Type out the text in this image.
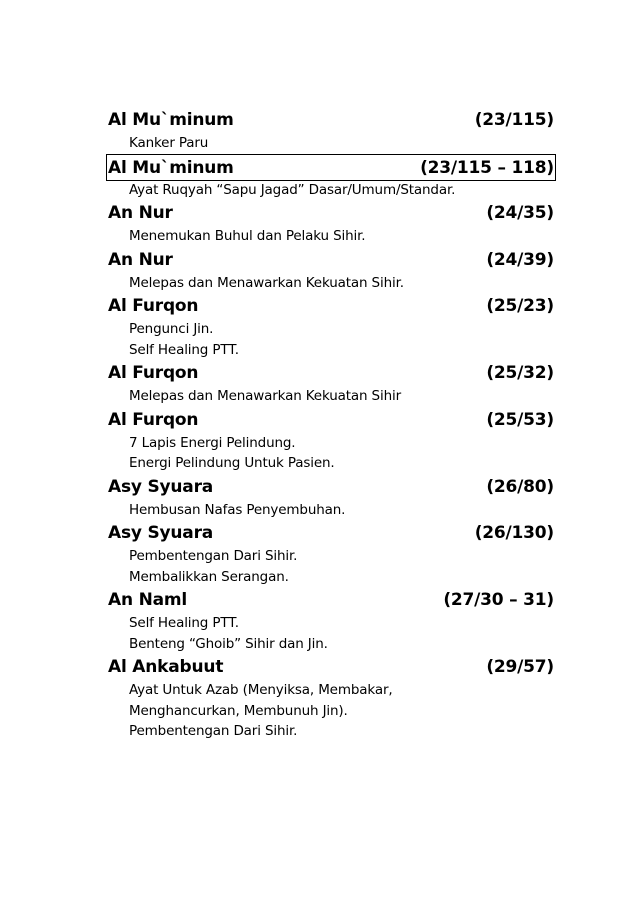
Al Mu`minum	(23/115)
Kanker Paru
Al Mu`minum	(23/115 – 118)
Ayat Ruqyah “Sapu Jagad” Dasar/Umum/Standar.
An Nur	(24/35)
Menemukan Buhul dan Pelaku Sihir.
An Nur	(24/39)
Melepas dan Menawarkan Kekuatan Sihir.
Al Furqon	(25/23)
Pengunci Jin.
Self Healing PTT.
Al Furqon	(25/32)
Melepas dan Menawarkan Kekuatan Sihir
Al Furqon	(25/53)
7 Lapis Energi Pelindung.
Energi Pelindung Untuk Pasien.
Asy Syuara	(26/80)
Hembusan Nafas Penyembuhan.
Asy Syuara	(26/130)
Pembentengan Dari Sihir.
Membalikkan Serangan.
An Naml	(27/30 – 31)
Self Healing PTT.
Benteng “Ghoib” Sihir dan Jin.
Al Ankabuut	(29/57)
Ayat Untuk Azab (Menyiksa, Membakar,
Menghancurkan, Membunuh Jin).
Pembentengan Dari Sihir.
